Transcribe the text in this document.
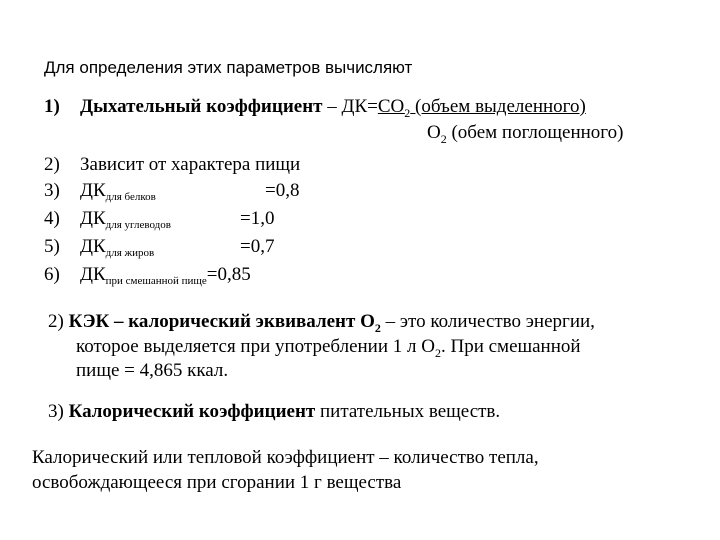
Для определения этих параметров вычисляют
1) Дыхательный коэффициент – $ДК=СО_2$ (объем выделенного)
$О_2$ (обем поглощенного)
2) Зависит от характера пищи
3) $ДК_{для белков}$	=0,8
4) $ДК_{для углеводов}$	=1,0
5) $ДК_{для жиров}$	=0,7
6) $ДК_{при смешанной пище}=0,85$
2) КЭК – калорический эквивалент $О_2$ – это количество энергии,
которое выделяется при употреблении 1 л $О_2$. При смешанной
пище = 4,865 ккал.
3) Калорический коэффициент питательных веществ.
Калорический или тепловой коэффициент – количество тепла,
освобождающееся при сгорании 1 г вещества
